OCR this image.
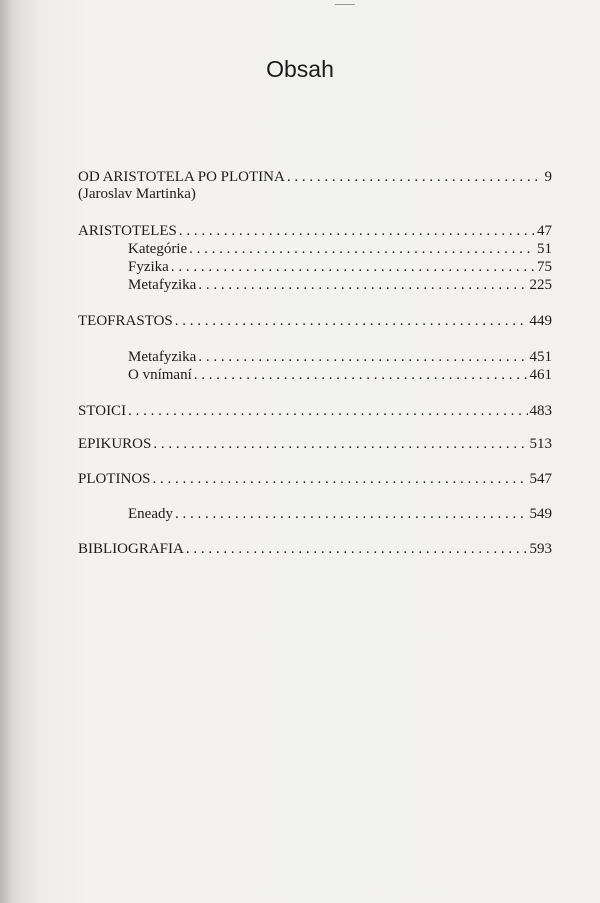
Obsah
OD ARISTOTELA PO PLOTINA . . .	9
(Jaroslav Martinka)
ARISTOTELES . . .	47
Kategórie . . .	51
Fyzika . . .	75
Metafyzika . . .	225
TEOFRASTOS . . .	449
Metafyzika . . .	451
O vnímaní . . .	461
STOICI . . .	483
EPIKUROS . . .	513
PLOTINOS . . .	547
Eneady . . .	549
BIBLIOGRAFIA . . .	593
